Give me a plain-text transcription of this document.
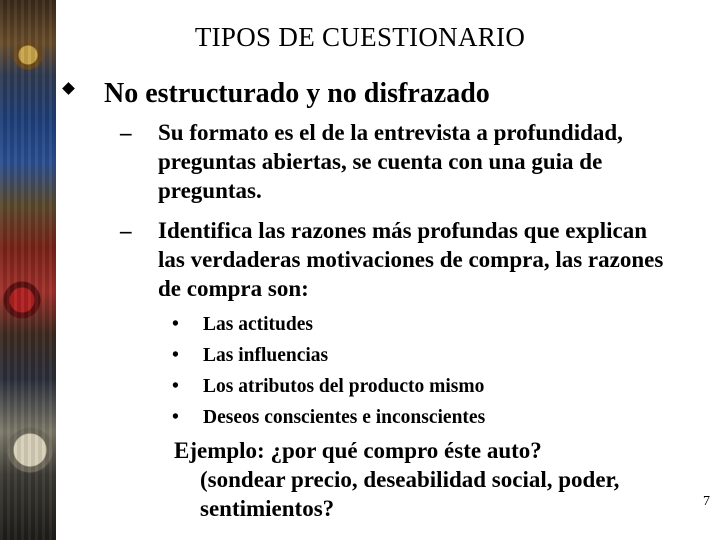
TIPOS DE CUESTIONARIO
No estructurado y no disfrazado
– Su formato es el de la entrevista a profundidad, preguntas abiertas, se cuenta con una guia de preguntas.
– Identifica las razones más profundas que explican las verdaderas motivaciones de compra, las razones de compra son:
• Las actitudes
• Las influencias
• Los atributos del producto mismo
• Deseos conscientes e inconscientes
Ejemplo: ¿por qué compro éste auto?
(sondear precio, deseabilidad social, poder, sentimientos?	7
